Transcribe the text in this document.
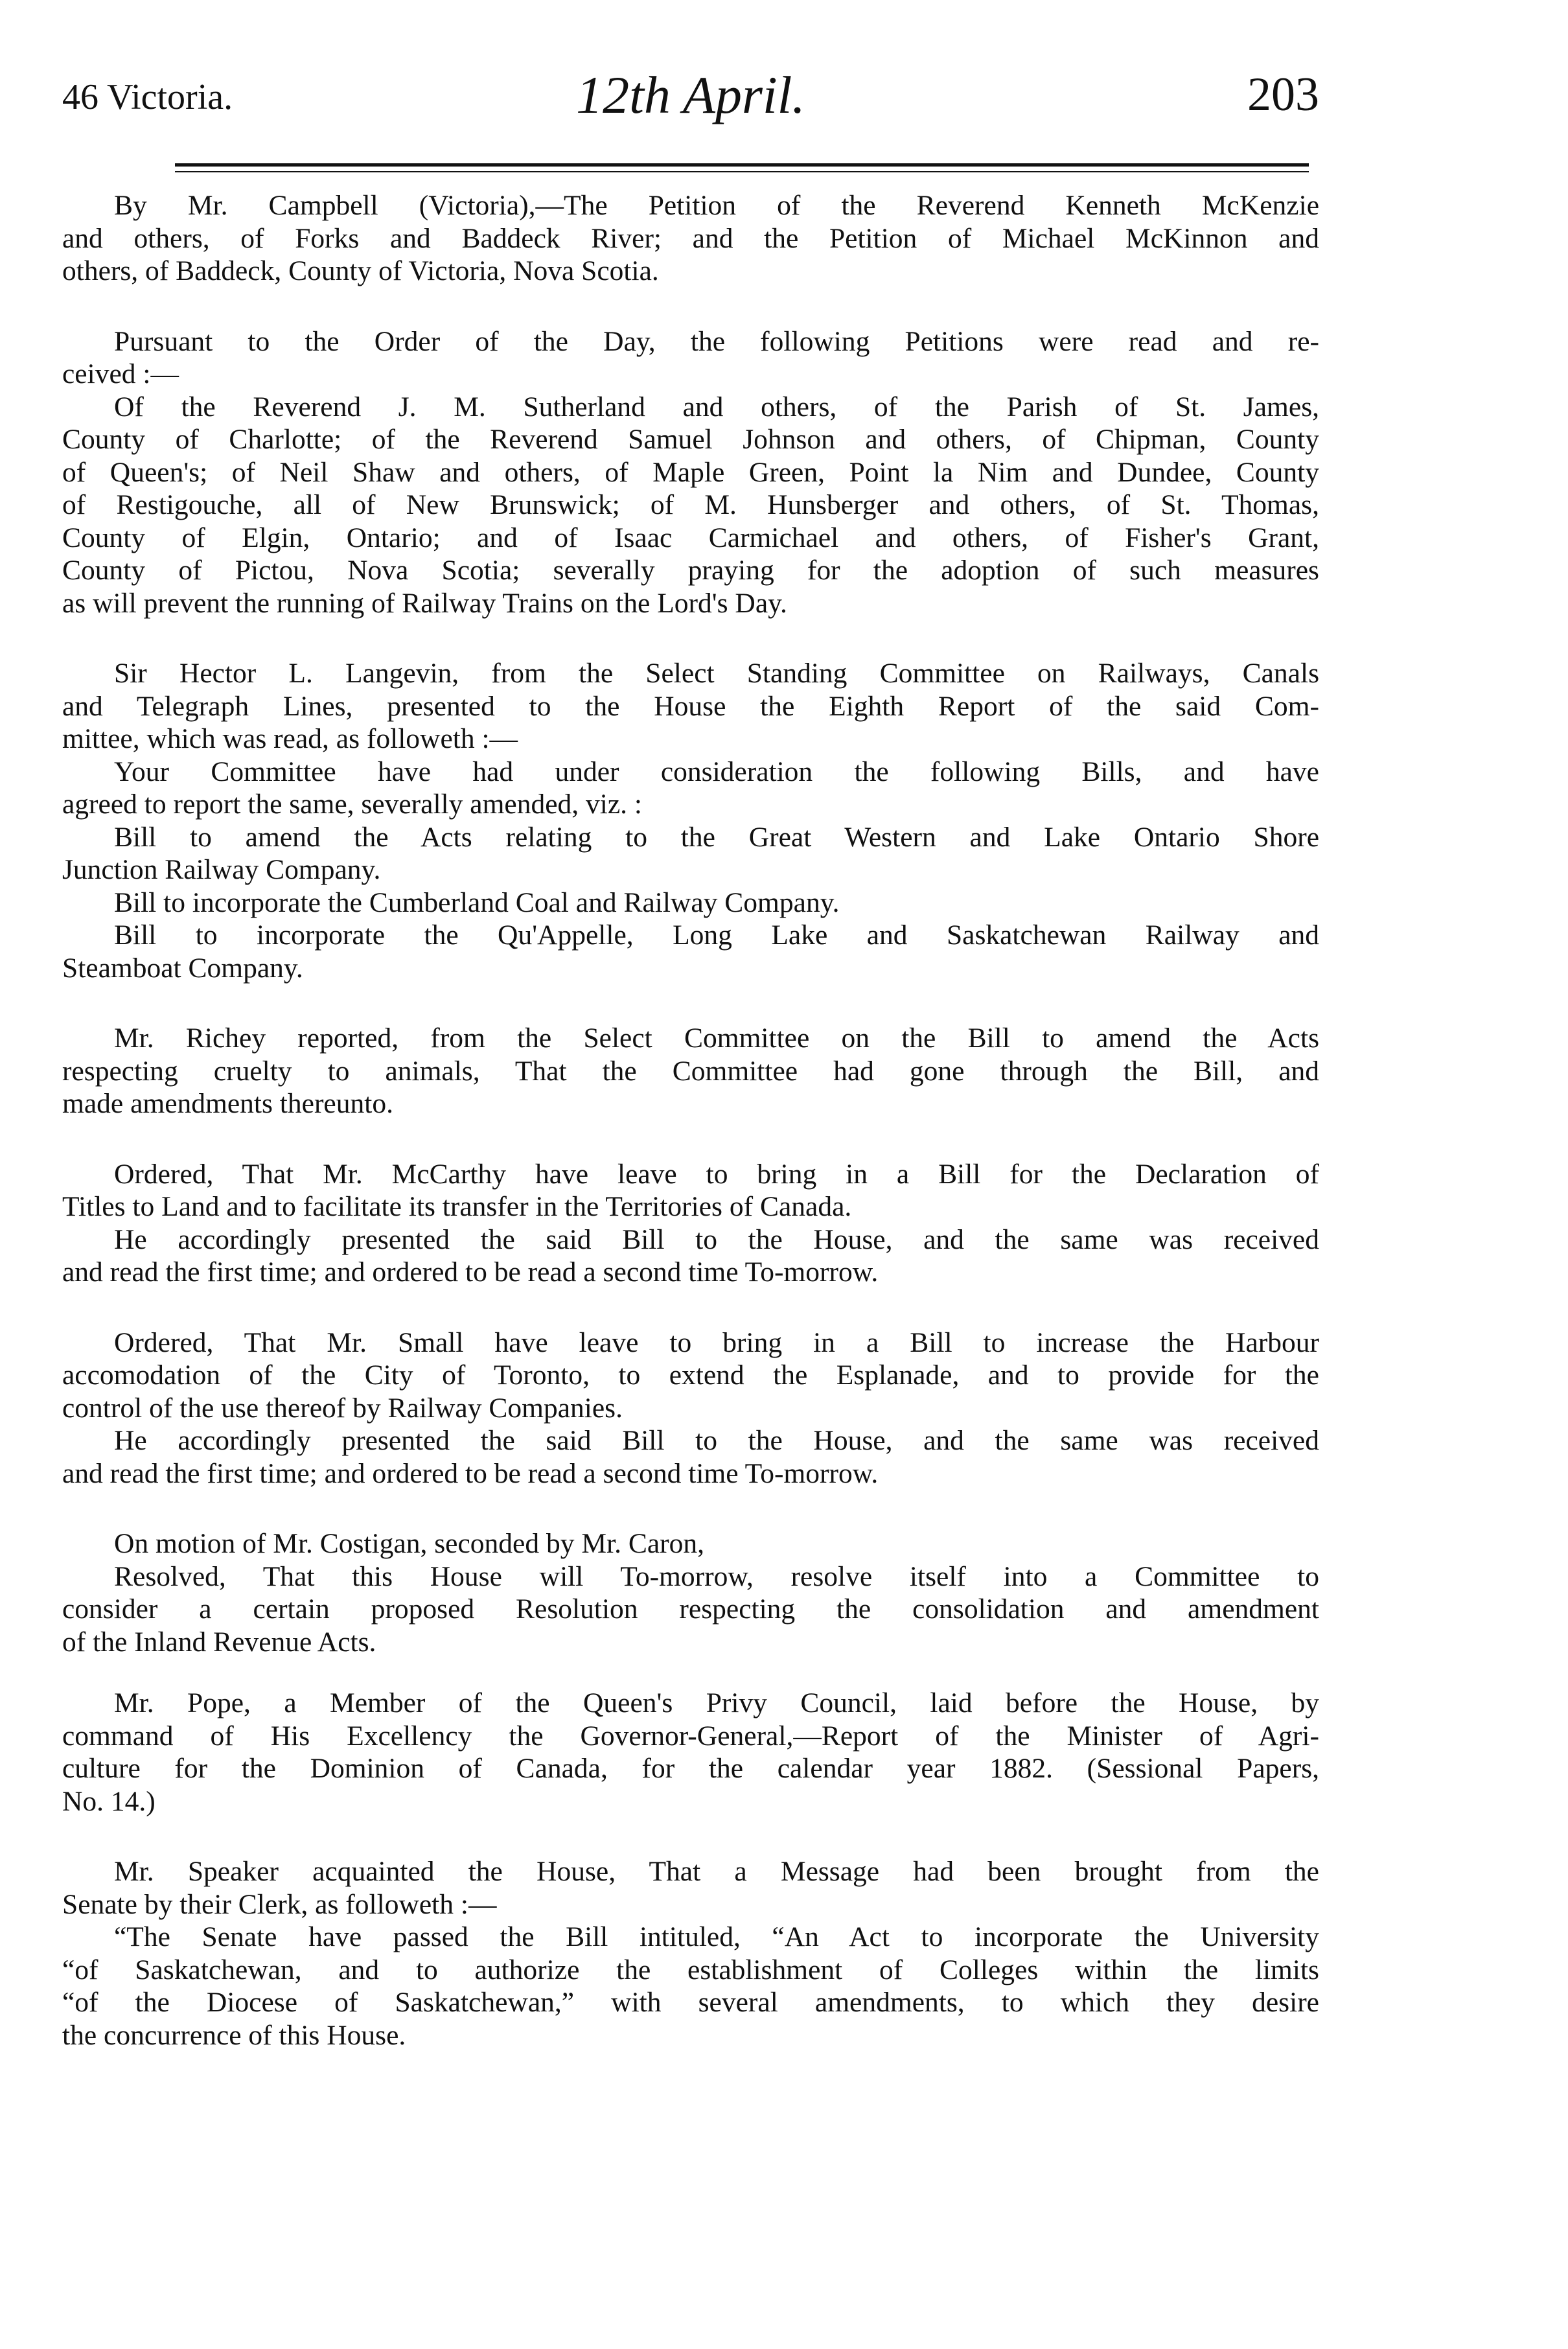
46 Victoria.	12th April.	203
By Mr. Campbell (Victoria),—The Petition of the Reverend Kenneth McKenzie
and others, of Forks and Baddeck River; and the Petition of Michael McKinnon and
others, of Baddeck, County of Victoria, Nova Scotia.
Pursuant to the Order of the Day, the following Petitions were read and re-
ceived :—
Of the Reverend J. M. Sutherland and others, of the Parish of St. James,
County of Charlotte; of the Reverend Samuel Johnson and others, of Chipman, County
of Queen's; of Neil Shaw and others, of Maple Green, Point la Nim and Dundee, County
of Restigouche, all of New Brunswick; of M. Hunsberger and others, of St. Thomas,
County of Elgin, Ontario; and of Isaac Carmichael and others, of Fisher's Grant,
County of Pictou, Nova Scotia; severally praying for the adoption of such measures
as will prevent the running of Railway Trains on the Lord's Day.
Sir Hector L. Langevin, from the Select Standing Committee on Railways, Canals
and Telegraph Lines, presented to the House the Eighth Report of the said Com-
mittee, which was read, as followeth :—
Your Committee have had under consideration the following Bills, and have
agreed to report the same, severally amended, viz. :
Bill to amend the Acts relating to the Great Western and Lake Ontario Shore
Junction Railway Company.
Bill to incorporate the Cumberland Coal and Railway Company.
Bill to incorporate the Qu'Appelle, Long Lake and Saskatchewan Railway and
Steamboat Company.
Mr. Richey reported, from the Select Committee on the Bill to amend the Acts
respecting cruelty to animals, That the Committee had gone through the Bill, and
made amendments thereunto.
Ordered, That Mr. McCarthy have leave to bring in a Bill for the Declaration of
Titles to Land and to facilitate its transfer in the Territories of Canada.
He accordingly presented the said Bill to the House, and the same was received
and read the first time; and ordered to be read a second time To-morrow.
Ordered, That Mr. Small have leave to bring in a Bill to increase the Harbour
accomodation of the City of Toronto, to extend the Esplanade, and to provide for the
control of the use thereof by Railway Companies.
He accordingly presented the said Bill to the House, and the same was received
and read the first time; and ordered to be read a second time To-morrow.
On motion of Mr. Costigan, seconded by Mr. Caron,
Resolved, That this House will To-morrow, resolve itself into a Committee to
consider a certain proposed Resolution respecting the consolidation and amendment
of the Inland Revenue Acts.
Mr. Pope, a Member of the Queen's Privy Council, laid before the House, by
command of His Excellency the Governor-General,—Report of the Minister of Agri-
culture for the Dominion of Canada, for the calendar year 1882. (Sessional Papers,
No. 14.)
Mr. Speaker acquainted the House, That a Message had been brought from the
Senate by their Clerk, as followeth :—
“The Senate have passed the Bill intituled, “An Act to incorporate the University
“of Saskatchewan, and to authorize the establishment of Colleges within the limits
“of the Diocese of Saskatchewan,” with several amendments, to which they desire
the concurrence of this House.
